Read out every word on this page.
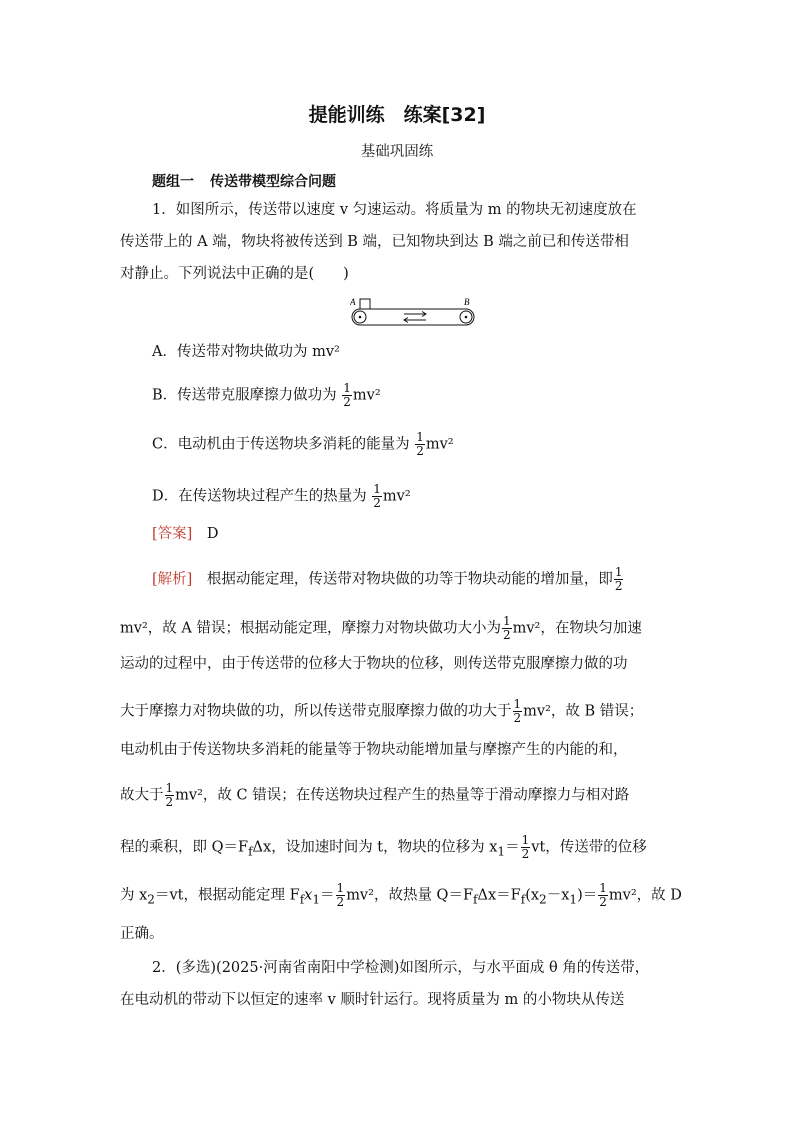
提能训练　练案[32]
基础巩固练
题组一 传送带模型综合问题
1．如图所示，传送带以速度 v 匀速运动。将质量为 m 的物块无初速度放在
传送带上的 A 端，物块将被传送到 B 端，已知物块到达 B 端之前已和传送带相
对静止。下列说法中正确的是(　　)
A	B
A．传送带对物块做功为 mv²
B．传送带克服摩擦力做功为 $\frac{1}{2} mv^2$
C．电动机由于传送物块多消耗的能量为 $\frac{1}{2} mv^2$
D．在传送物块过程产生的热量为 $\frac{1}{2} mv^2$
[答案]　 D
[解析]　 根据动能定理，传送带对物块做的功等于物块动能的增加量，即 $\frac{1}{2}$
mv²，故 A 错误；根据动能定理，摩擦力对物块做功大小为 $\frac{1}{2} mv^2$，在物块匀加速
运动的过程中，由于传送带的位移大于物块的位移，则传送带克服摩擦力做的功
大于摩擦力对物块做的功，所以传送带克服摩擦力做的功大于 $\frac{1}{2} mv^2$，故 B 错误；
电动机由于传送物块多消耗的能量等于物块动能增加量与摩擦产生的内能的和，
故大于 $\frac{1}{2} mv^2$，故 C 错误；在传送物块过程产生的热量等于滑动摩擦力与相对路
程的乘积，即 $Q=F_f\Delta x$，设加速时间为 t，物块的位移为 $x_1= \frac{1}{2}$ vt，传送带的位移
为 $x_2=vt$，根据动能定理 $F_fx_1= \frac{1}{2} mv^2$，故热量 $Q=F_f\Delta x=F_f(x_2-x_1)= \frac{1}{2} mv^2$，故 D
正确。
2．(多选)(2025·河南省南阳中学检测)如图所示，与水平面成 θ 角的传送带，
在电动机的带动下以恒定的速率 v 顺时针运行。现将质量为 m 的小物块从传送
